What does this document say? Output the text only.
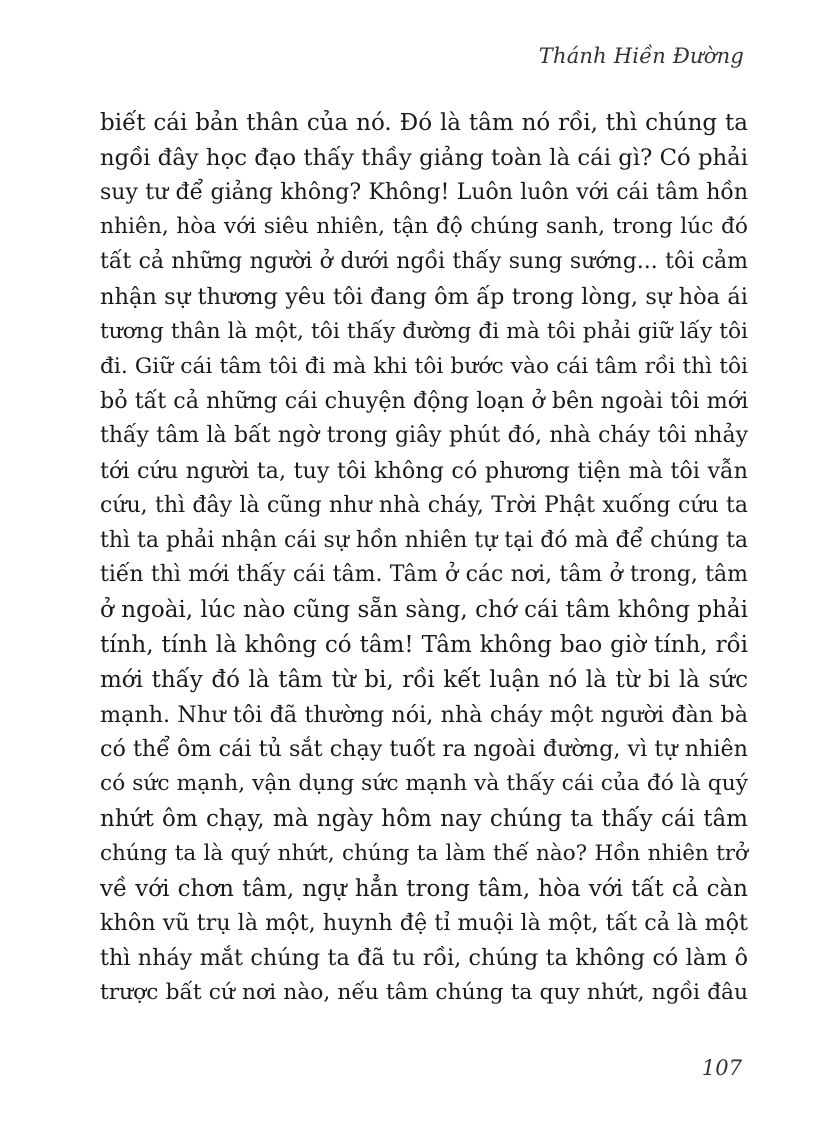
Thánh Hiền Đường
biết cái bản thân của nó. Đó là tâm nó rồi, thì chúng ta
ngồi đây học đạo thấy thầy giảng toàn là cái gì? Có phải
suy tư để giảng không? Không! Luôn luôn với cái tâm hồn
nhiên, hòa với siêu nhiên, tận độ chúng sanh, trong lúc đó
tất cả những người ở dưới ngồi thấy sung sướng... tôi cảm
nhận sự thương yêu tôi đang ôm ấp trong lòng, sự hòa ái
tương thân là một, tôi thấy đường đi mà tôi phải giữ lấy tôi
đi. Giữ cái tâm tôi đi mà khi tôi bước vào cái tâm rồi thì tôi
bỏ tất cả những cái chuyện động loạn ở bên ngoài tôi mới
thấy tâm là bất ngờ trong giây phút đó, nhà cháy tôi nhảy
tới cứu người ta, tuy tôi không có phương tiện mà tôi vẫn
cứu, thì đây là cũng như nhà cháy, Trời Phật xuống cứu ta
thì ta phải nhận cái sự hồn nhiên tự tại đó mà để chúng ta
tiến thì mới thấy cái tâm. Tâm ở các nơi, tâm ở trong, tâm
ở ngoài, lúc nào cũng sẵn sàng, chớ cái tâm không phải
tính, tính là không có tâm! Tâm không bao giờ tính, rồi
mới thấy đó là tâm từ bi, rồi kết luận nó là từ bi là sức
mạnh. Như tôi đã thường nói, nhà cháy một người đàn bà
có thể ôm cái tủ sắt chạy tuốt ra ngoài đường, vì tự nhiên
có sức mạnh, vận dụng sức mạnh và thấy cái của đó là quý
nhứt ôm chạy, mà ngày hôm nay chúng ta thấy cái tâm
chúng ta là quý nhứt, chúng ta làm thế nào? Hồn nhiên trở
về với chơn tâm, ngự hẳn trong tâm, hòa với tất cả càn
khôn vũ trụ là một, huynh đệ tỉ muội là một, tất cả là một
thì nháy mắt chúng ta đã tu rồi, chúng ta không có làm ô
trược bất cứ nơi nào, nếu tâm chúng ta quy nhứt, ngồi đâu
107
